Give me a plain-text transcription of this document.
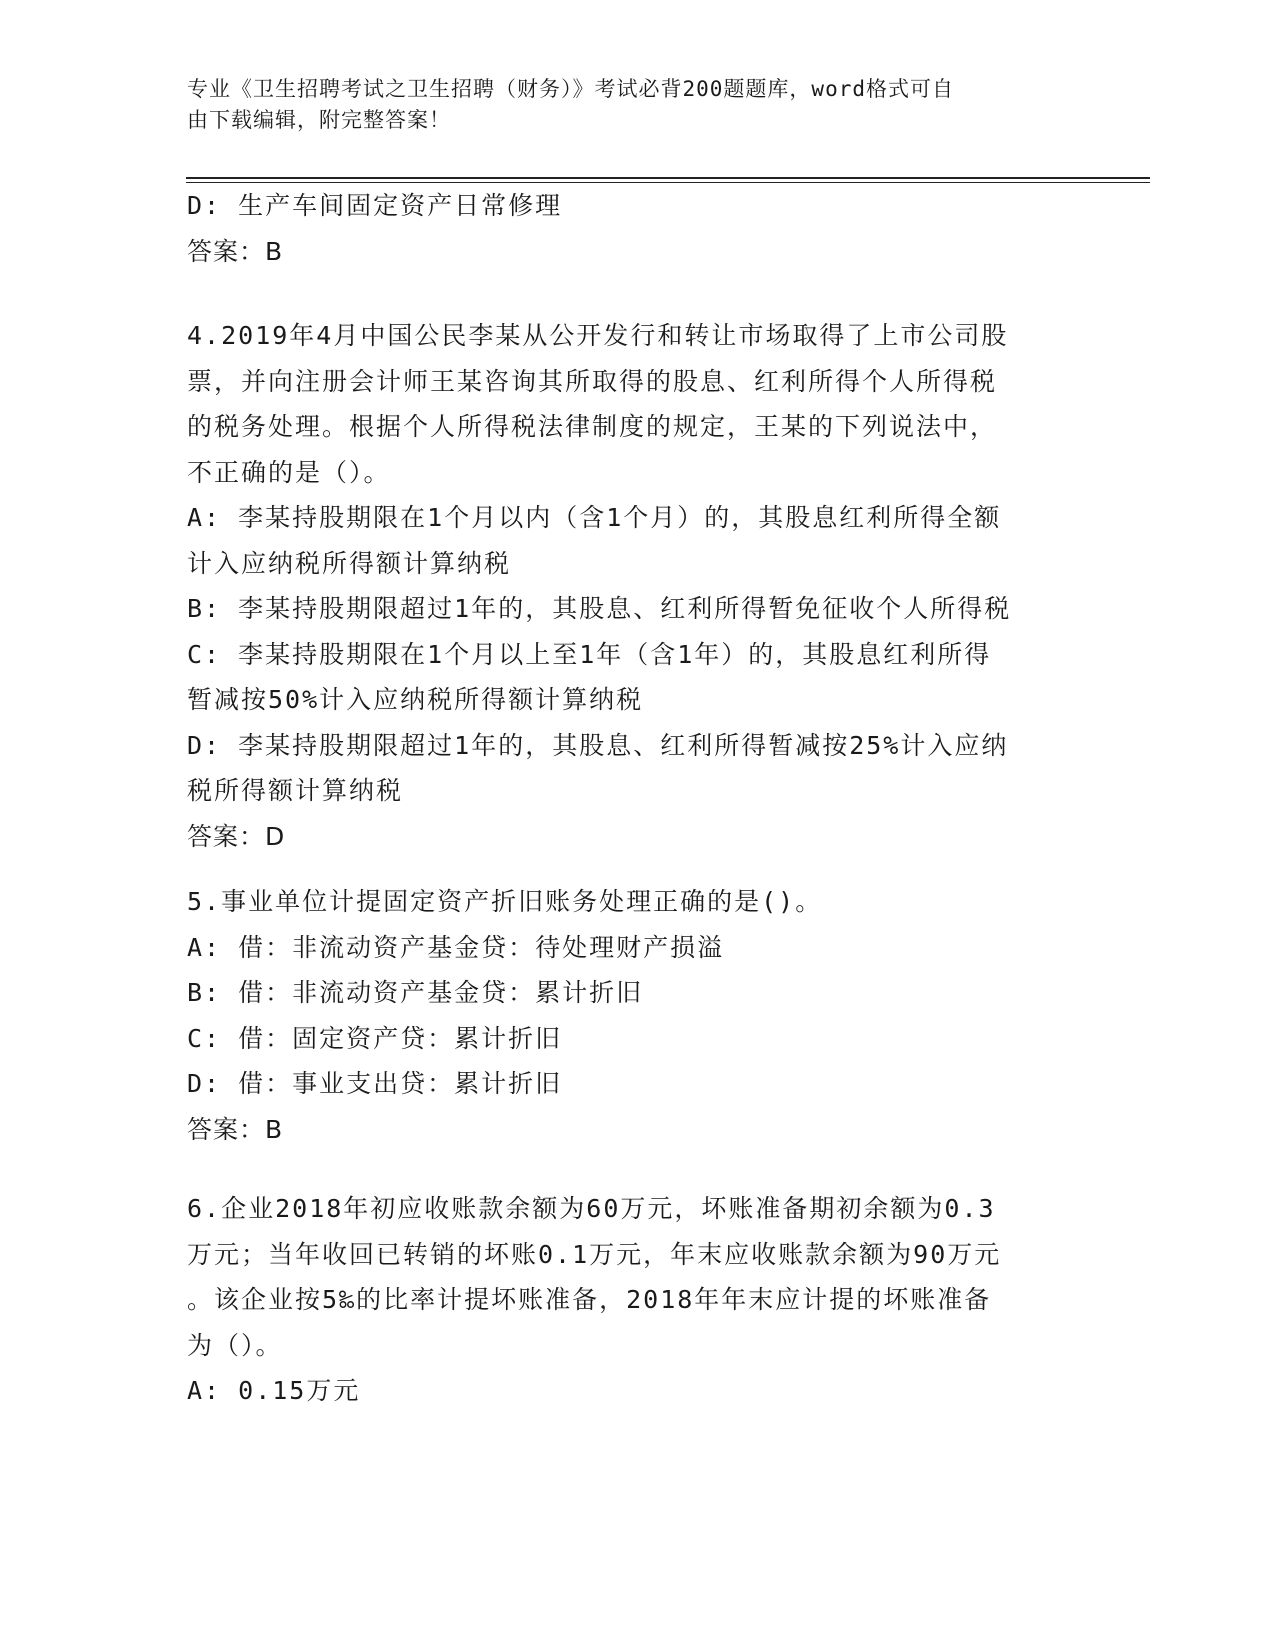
专业《卫生招聘考试之卫生招聘（财务）》考试必背200题题库，word格式可自
由下载编辑，附完整答案！
D: 生产车间固定资产日常修理
答案：B
4.2019年4月中国公民李某从公开发行和转让市场取得了上市公司股
票，并向注册会计师王某咨询其所取得的股息、红利所得个人所得税
的税务处理。根据个人所得税法律制度的规定，王某的下列说法中，
不正确的是（）。
A: 李某持股期限在1个月以内（含1个月）的，其股息红利所得全额
计入应纳税所得额计算纳税
B: 李某持股期限超过1年的，其股息、红利所得暂免征收个人所得税
C: 李某持股期限在1个月以上至1年（含1年）的，其股息红利所得
暂减按50%计入应纳税所得额计算纳税
D: 李某持股期限超过1年的，其股息、红利所得暂减按25%计入应纳
税所得额计算纳税
答案：D
5.事业单位计提固定资产折旧账务处理正确的是()。
A: 借：非流动资产基金贷：待处理财产损溢
B: 借：非流动资产基金贷：累计折旧
C: 借：固定资产贷：累计折旧
D: 借：事业支出贷：累计折旧
答案：B
6.企业2018年初应收账款余额为60万元，坏账准备期初余额为0.3
万元；当年收回已转销的坏账0.1万元，年末应收账款余额为90万元
。该企业按5‰的比率计提坏账准备，2018年年末应计提的坏账准备
为（）。
A: 0.15万元
